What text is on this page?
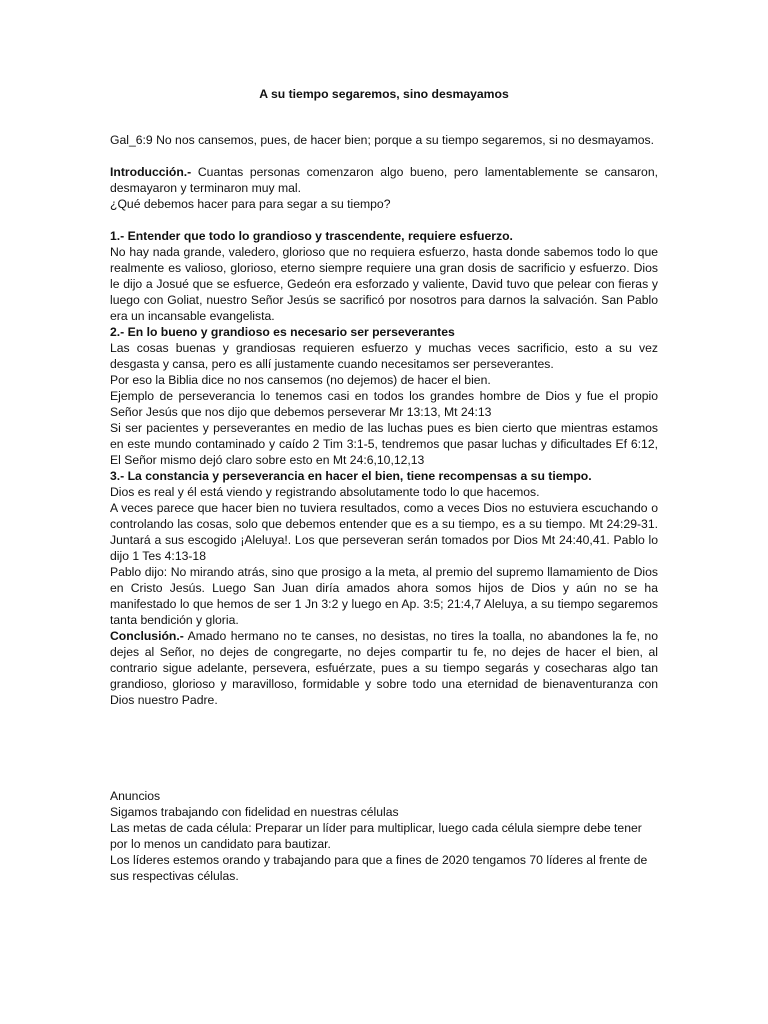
A su tiempo segaremos, sino desmayamos

Gal_6:9 No nos cansemos, pues, de hacer bien; porque a su tiempo segaremos, si no desmayamos.

Introducción.- Cuantas personas comenzaron algo bueno, pero lamentablemente se cansaron, desmayaron y terminaron muy mal.

¿Qué debemos hacer para para segar a su tiempo?

1.- Entender que todo lo grandioso y trascendente, requiere esfuerzo.

No hay nada grande, valedero, glorioso que no requiera esfuerzo, hasta donde sabemos todo lo que realmente es valioso, glorioso, eterno siempre requiere una gran dosis de sacrificio y esfuerzo. Dios le dijo a Josué que se esfuerce, Gedeón era esforzado y valiente, David tuvo que pelear con fieras y luego con Goliat, nuestro Señor Jesús se sacrificó por nosotros para darnos la salvación. San Pablo era un incansable evangelista.

2.- En lo bueno y grandioso es necesario ser perseverantes

Las cosas buenas y grandiosas requieren esfuerzo y muchas veces sacrificio, esto a su vez desgasta y cansa, pero es allí justamente cuando necesitamos ser perseverantes.

Por eso la Biblia dice no nos cansemos (no dejemos) de hacer el bien.

Ejemplo de perseverancia lo tenemos casi en todos los grandes hombre de Dios y fue el propio Señor Jesús que nos dijo que debemos perseverar Mr 13:13, Mt 24:13

Si ser pacientes y perseverantes en medio de las luchas pues es bien cierto que mientras estamos en este mundo contaminado y caído 2 Tim 3:1-5, tendremos que pasar luchas y dificultades Ef 6:12, El Señor mismo dejó claro sobre esto en Mt 24:6,10,12,13

3.- La constancia y perseverancia en hacer el bien, tiene recompensas a su tiempo.

Dios es real y él está viendo y registrando absolutamente todo lo que hacemos.

A veces parece que hacer bien no tuviera resultados, como a veces Dios no estuviera escuchando o controlando las cosas, solo que debemos entender que es a su tiempo, es a su tiempo. Mt 24:29-31. Juntará a sus escogido ¡Aleluya!. Los que perseveran serán tomados por Dios Mt 24:40,41. Pablo lo dijo 1 Tes 4:13-18

Pablo dijo: No mirando atrás, sino que prosigo a la meta, al premio del supremo llamamiento de Dios en Cristo Jesús. Luego San Juan diría amados ahora somos hijos de Dios y aún no se ha manifestado lo que hemos de ser 1 Jn 3:2 y luego en Ap. 3:5; 21:4,7 Aleluya, a su tiempo segaremos tanta bendición y gloria.

Conclusión.- Amado hermano no te canses, no desistas, no tires la toalla, no abandones la fe, no dejes al Señor, no dejes de congregarte, no dejes compartir tu fe, no dejes de hacer el bien, al contrario sigue adelante, persevera, esfuérzate, pues a su tiempo segarás y cosecharas algo tan grandioso, glorioso y maravilloso, formidable y sobre todo una eternidad de bienaventuranza con Dios nuestro Padre.

Anuncios

Sigamos trabajando con fidelidad en nuestras células

Las metas de cada célula: Preparar un líder para multiplicar, luego cada célula siempre debe tener por lo menos un candidato para bautizar.

Los líderes estemos orando y trabajando para que a fines de 2020 tengamos 70 líderes al frente de sus respectivas células.
